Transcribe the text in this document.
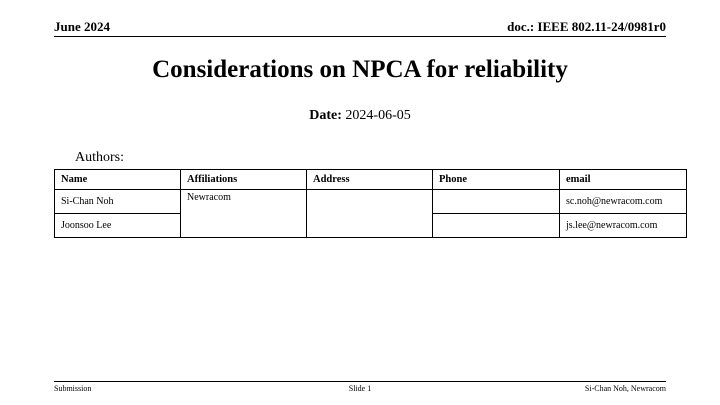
June 2024	doc.: IEEE 802.11-24/0981r0
Considerations on NPCA for reliability
Date: 2024-06-05
Authors:
Name	Affiliations	Address	Phone	email
Si-Chan Noh	Newracom			sc.noh@newracom.com
Joonsoo Lee				js.lee@newracom.com
Submission	Slide 1	Si-Chan Noh, Newracom
